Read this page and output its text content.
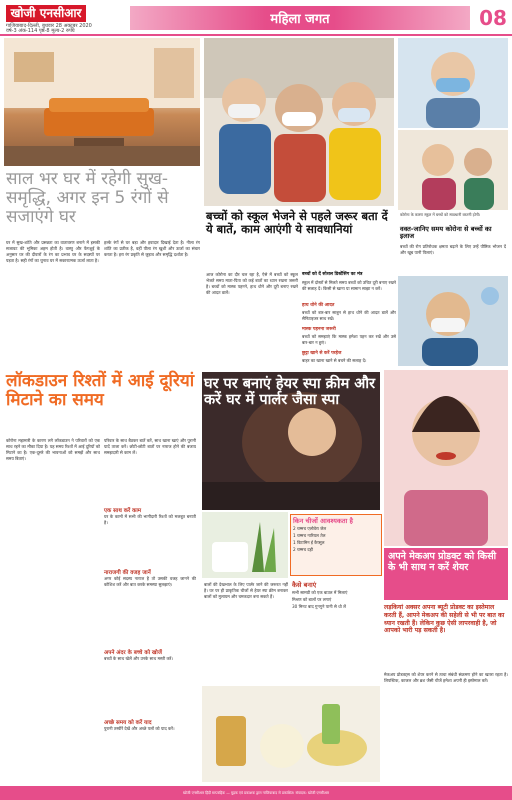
खोजी एनसीआर
गाजियाबाद-दिल्ली, बुधवार 28 अक्टूबर 2020
वर्ष-3 अंक-114 पृष्ठ-8 मूल्य-2 रुपये
महिला जगत	08
साल भर घर में रहेगी सुख-समृद्धि, अगर इन 5 रंगों से सजाएंगे घर
घर में सुख-शांति और प्रसन्नता का वातावरण बनाने में इसकी सजावट की भूमिका अहम होती है। वास्तु और फेंगशुई के अनुसार घर की दीवारों के रंग का प्रभाव घर के सदस्यों पर पड़ता है। सही रंगों का चुनाव घर में सकारात्मक ऊर्जा लाता है।
हल्के रंगों से घर बड़ा और हवादार दिखाई देता है। नीला रंग शांति का प्रतीक है, वहीं पीला रंग खुशी और ऊर्जा का संचार करता है। हरा रंग प्रकृति से जुड़ाव और समृद्धि दर्शाता है।
बच्चों को स्कूल भेजने से पहले जरूर बता दें ये बातें, काम आएंगी ये सावधानियां
आज कोरोना का दौर चल रहा है, ऐसे में बच्चों को स्कूल भेजते समय माता-पिता को कई बातों का ध्यान रखना जरूरी है। बच्चों को मास्क पहनने, हाथ धोने और दूरी बनाए रखने की आदत डालें।
बच्चों को दें सोशल डिस्टेंसिंग का मंत्र
स्कूल में दोस्तों से मिलते समय बच्चों को उचित दूरी बनाए रखने की सलाह दें। किसी से खाना या सामान साझा न करें।
हाथ धोने की आदत
बच्चों को बार-बार साबुन से हाथ धोने की आदत डालें और सैनिटाइजर साथ रखें।
मास्क पहनना जरूरी
बच्चों को समझाएं कि मास्क हमेशा पहन कर रखें और उसे बार-बार न छुएं।
छुट्टा खाने से करें परहेज
बाहर का खाना खाने से बचने की सलाह दें।
कोरोना के कारण स्कूल में बच्चों को सावधानी बरतनी होगी।
वक्त-जानिए समय कोरोना से बच्चों का इलाज
बच्चों की रोग प्रतिरोधक क्षमता बढ़ाने के लिए उन्हें पौष्टिक भोजन दें और खूब पानी पिलाएं।
लॉकडाउन रिश्तों में आई दूरियां मिटाने का समय
कोरोना महामारी के कारण लगे लॉकडाउन ने परिवारों को एक साथ रहने का मौका दिया है। यह समय रिश्तों में आई दूरियों को मिटाने का है। एक-दूसरे की भावनाओं को समझें और साथ समय बिताएं।
परिवार के साथ बैठकर बातें करें, साथ खाना खाएं और पुरानी यादें ताजा करें। छोटी-छोटी बातों पर नाराज होने की बजाय समझदारी से काम लें।
एक साथ करें काम
घर के कामों में सभी की भागीदारी रिश्तों को मजबूत बनाती है।
नाराजगी की वजह जानें
अगर कोई सदस्य नाराज है तो उसकी वजह जानने की कोशिश करें और बात करके समस्या सुलझाएं।
अपने अंदर के बच्चे को खोजें
बच्चों के साथ खेलें और उनके साथ मस्ती करें।
अच्छे समय को करें याद
पुरानी तस्वीरें देखें और अच्छे पलों को याद करें।
घर पर बनाएं हेयर स्पा क्रीम और करें घर में पार्लर जैसा स्पा
किन चीजों आवश्यकता है
2 चम्मच एलोवेरा जेल
1 चम्मच नारियल तेल
1 विटामिन ई कैप्सूल
2 चम्मच दही
बालों की देखभाल के लिए पार्लर जाने की जरूरत नहीं है। घर पर ही प्राकृतिक चीजों से हेयर स्पा क्रीम बनाकर बालों को मुलायम और चमकदार बना सकते हैं।
कैसे बनाएं
सभी सामग्री को एक बाउल में मिलाएं
मिश्रण को बालों पर लगाएं
30 मिनट बाद गुनगुने पानी से धो लें
अपने मेकअप प्रोडक्ट को किसी के भी साथ न करें शेयर
लड़कियां अक्सर अपना ब्यूटी प्रोडक्ट का इस्तेमाल करती हैं, आपने मेकअप की सहेली से भी पर बात का ध्यान रखती हैं। लेकिन कुछ ऐसी लापरवाही है, जो आपको भारी पड़ सकती है।
मेकअप प्रोडक्ट्स को शेयर करने से त्वचा संबंधी संक्रमण होने का खतरा रहता है। लिपस्टिक, काजल और ब्रश जैसी चीजें हमेशा अपनी ही इस्तेमाल करें।
खोजी एनसीआर हिंदी साप्ताहिक — मुद्रक एवं प्रकाशक द्वारा गाजियाबाद से प्रकाशित। संपादक: खोजी एनसीआर
